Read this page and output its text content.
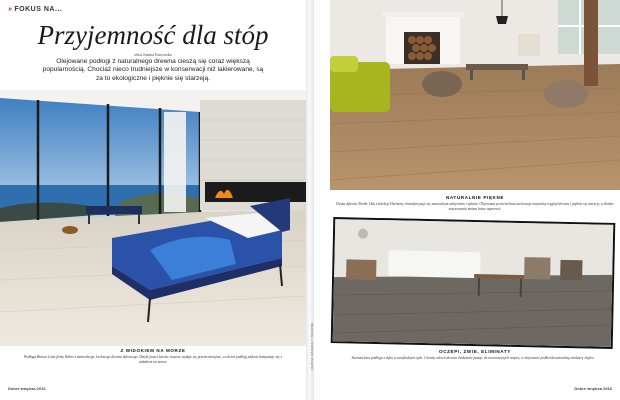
» FOKUS NA...
Przyjemność dla stóp
tekst Joanna Kurowska

Olejowane podłogi z naturalnego drewna cieszą się coraz większą popularnością. Chociaż nieco trudniejsze w konserwacji niż lakierowane, są za to ekologiczne i pięknie się starzeją.

Z WIDOKIEM NA MORZE

Podłoga Bianco Latte firmy Kährs z naturalnego, bielonego drewna dębowego. Dzięki jasnej barwie wnętrze wydaje się przestronniejsze, a odcień podłogi pięknie komponuje się z widokiem na morze.

Dobre wnętrza 2016
NATURALNIE PIĘKNE

Deska dębowa Nordic Oak z kolekcji Harmony charakteryzuje się naturalnym usłojeniem i sękami. Olejowana powierzchnia zachowuje naturalny wygląd drewna i pięknie się starzeje, a drobne zarysowania można łatwo naprawić.

ZDJĘCIA: MATERIAŁY PRASOWE	OCZEPI, ZWIE, ELIMINATY

Szarozielona podłoga z dębu w rustykalnym stylu. Ciemny odcień drewna doskonale pasuje do nowoczesnych wnętrz, a olejowanie podkreśla naturalną strukturę słojów.

Dobre wnętrza 2016
